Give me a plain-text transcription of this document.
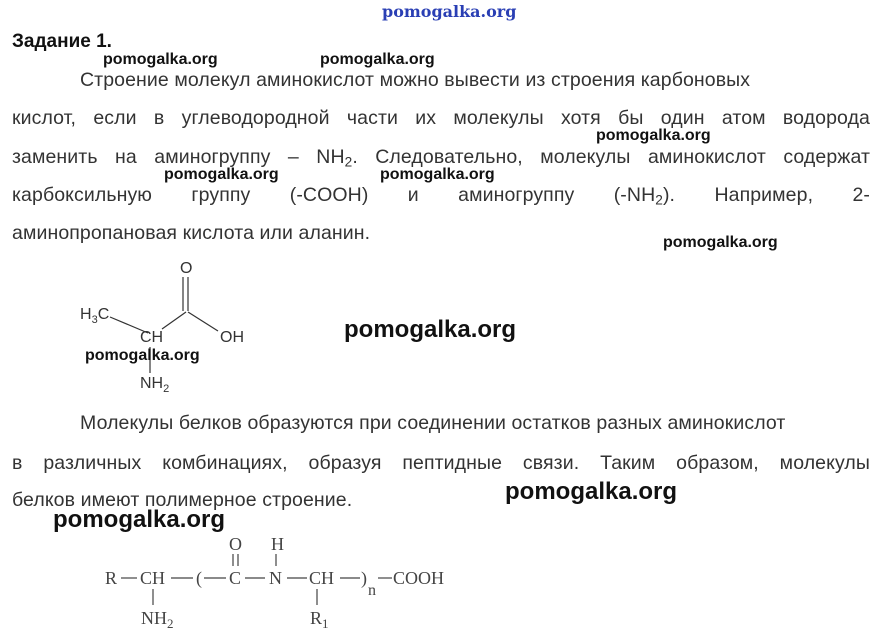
pomogalka.org
Задание 1.
Строение молекул аминокислот можно вывести из строения карбоновых
кислот, если в углеводородной части их молекулы хотя бы один атом водорода
заменить на аминогруппу – $NH_2$. Следовательно, молекулы аминокислот содержат
карбоксильную группу (-COOH) и аминогруппу $(-NH_2)$. Например, 2-
аминопропановая кислота или аланин.
O
$H_3C$
CH	OH
$NH_2$
Молекулы белков образуются при соединении остатков разных аминокислот
в различных комбинациях, образуя пептидные связи. Таким образом, молекулы
белков имеют полимерное строение.
R CH ( C
O
N
H
CH )
n
COOH
$NH_2$	$R_1$
pomogalka.org	pomogalka.org
pomogalka.org
pomogalka.org	pomogalka.org
pomogalka.org
pomogalka.org
pomogalka.org
pomogalka.org
pomogalka.org
